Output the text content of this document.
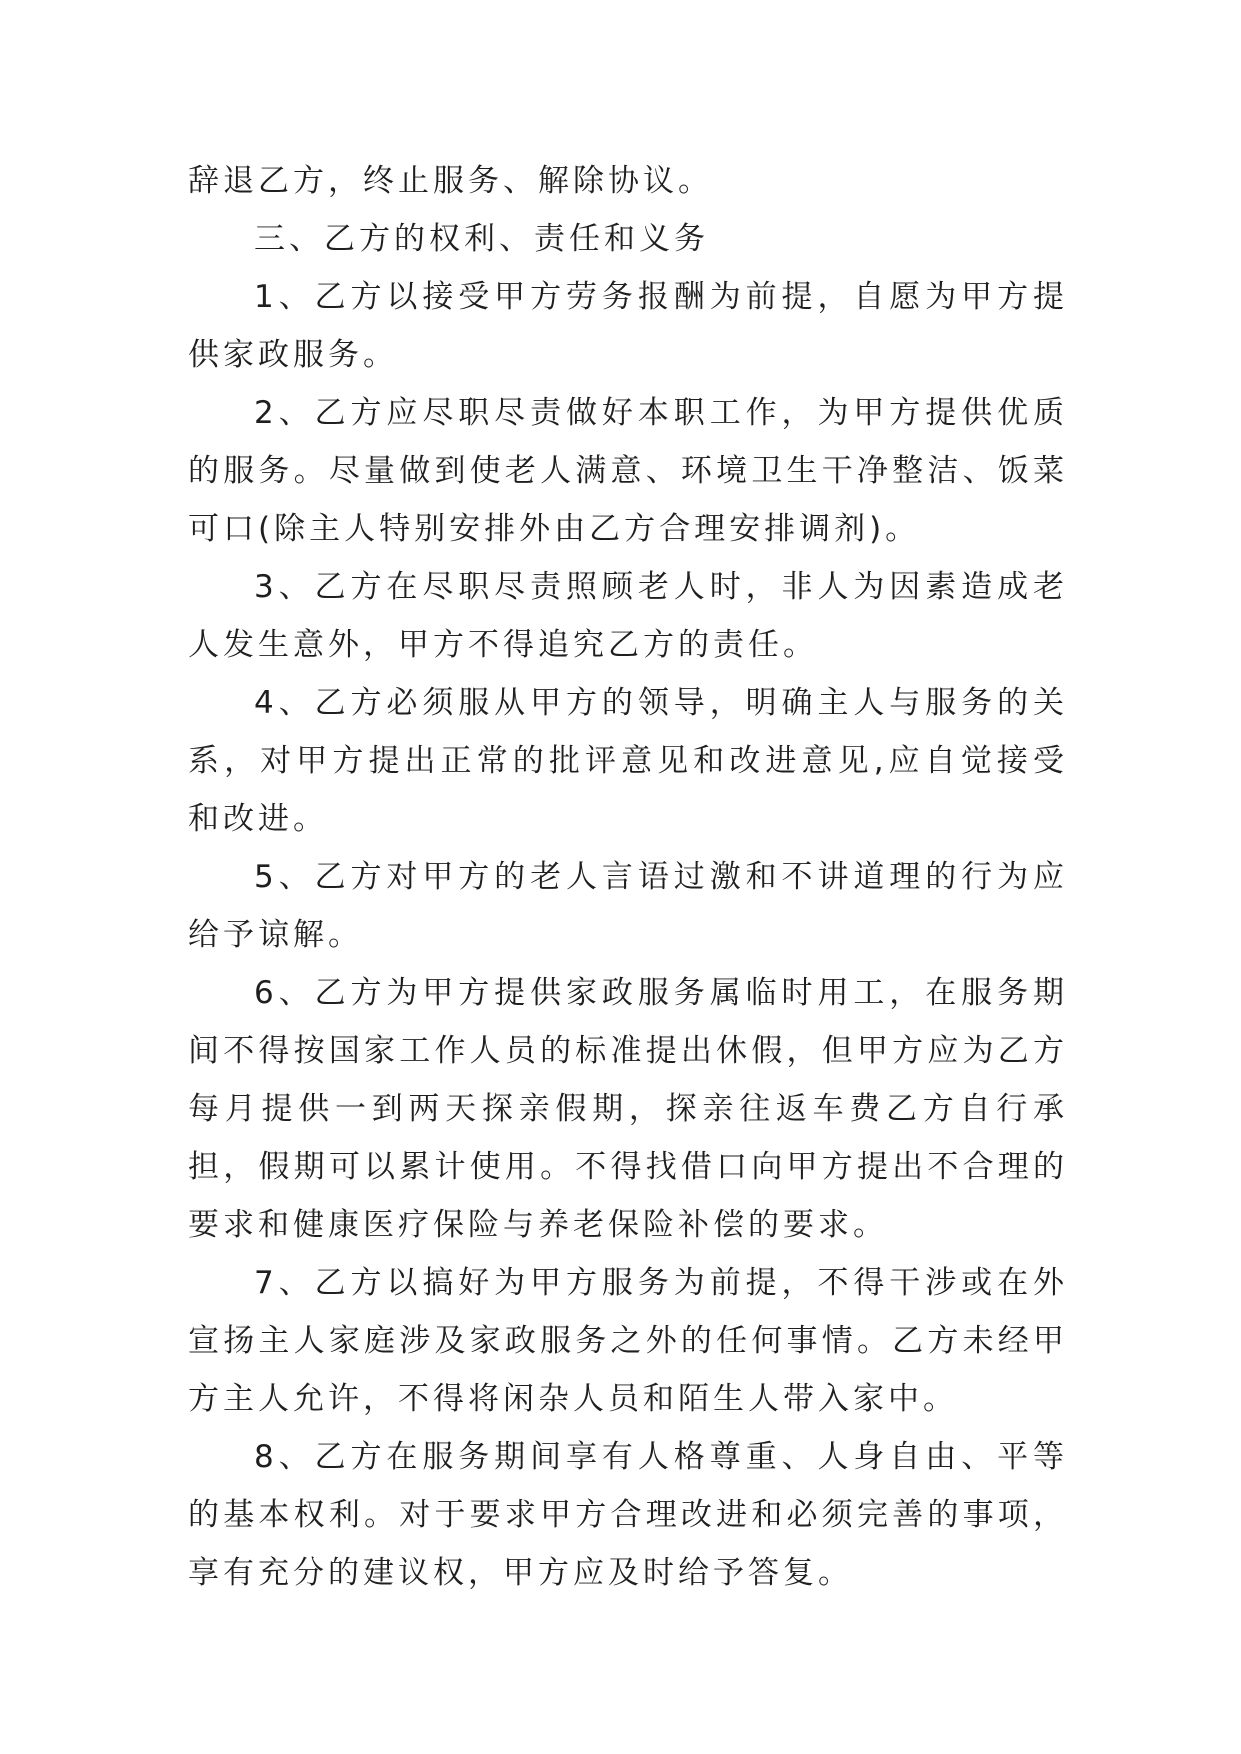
辞退乙方，终止服务、解除协议。

三、乙方的权利、责任和义务

1、乙方以接受甲方劳务报酬为前提，自愿为甲方提供家政服务。

2、乙方应尽职尽责做好本职工作，为甲方提供优质的服务。尽量做到使老人满意、环境卫生干净整洁、饭菜可口(除主人特别安排外由乙方合理安排调剂)。

3、乙方在尽职尽责照顾老人时，非人为因素造成老人发生意外，甲方不得追究乙方的责任。

4、乙方必须服从甲方的领导，明确主人与服务的关系，对甲方提出正常的批评意见和改进意见,应自觉接受和改进。

5、乙方对甲方的老人言语过激和不讲道理的行为应给予谅解。

6、乙方为甲方提供家政服务属临时用工，在服务期间不得按国家工作人员的标准提出休假，但甲方应为乙方每月提供一到两天探亲假期，探亲往返车费乙方自行承担，假期可以累计使用。不得找借口向甲方提出不合理的要求和健康医疗保险与养老保险补偿的要求。

7、乙方以搞好为甲方服务为前提，不得干涉或在外宣扬主人家庭涉及家政服务之外的任何事情。乙方未经甲方主人允许，不得将闲杂人员和陌生人带入家中。

8、乙方在服务期间享有人格尊重、人身自由、平等的基本权利。对于要求甲方合理改进和必须完善的事项，享有充分的建议权，甲方应及时给予答复。
